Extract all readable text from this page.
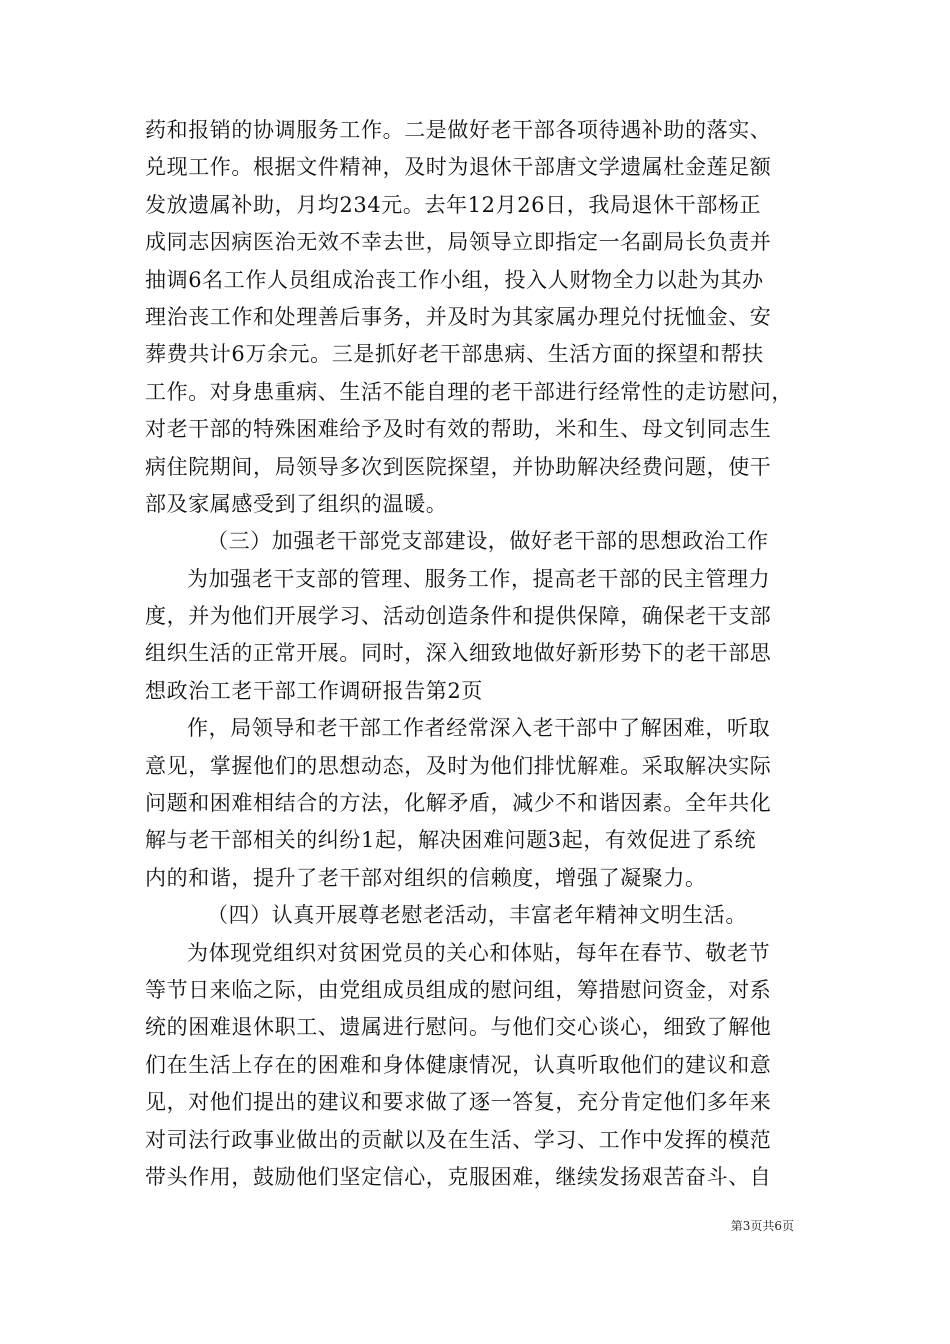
药和报销的协调服务工作。二是做好老干部各项待遇补助的落实、
兑现工作。根据文件精神，及时为退休干部唐文学遗属杜金莲足额
发放遗属补助，月均234元。去年12月26日，我局退休干部杨正
成同志因病医治无效不幸去世，局领导立即指定一名副局长负责并
抽调6名工作人员组成治丧工作小组，投入人财物全力以赴为其办
理治丧工作和处理善后事务，并及时为其家属办理兑付抚恤金、安
葬费共计6万余元。三是抓好老干部患病、生活方面的探望和帮扶
工作。对身患重病、生活不能自理的老干部进行经常性的走访慰问，
对老干部的特殊困难给予及时有效的帮助，米和生、母文钊同志生
病住院期间，局领导多次到医院探望，并协助解决经费问题，使干
部及家属感受到了组织的温暖。
（三）加强老干部党支部建设，做好老干部的思想政治工作
为加强老干支部的管理、服务工作，提高老干部的民主管理力
度，并为他们开展学习、活动创造条件和提供保障，确保老干支部
组织生活的正常开展。同时，深入细致地做好新形势下的老干部思
想政治工老干部工作调研报告第2页
作，局领导和老干部工作者经常深入老干部中了解困难，听取
意见，掌握他们的思想动态，及时为他们排忧解难。采取解决实际
问题和困难相结合的方法，化解矛盾，减少不和谐因素。全年共化
解与老干部相关的纠纷1起，解决困难问题3起，有效促进了系统
内的和谐，提升了老干部对组织的信赖度，增强了凝聚力。
（四）认真开展尊老慰老活动，丰富老年精神文明生活。
为体现党组织对贫困党员的关心和体贴，每年在春节、敬老节
等节日来临之际，由党组成员组成的慰问组，筹措慰问资金，对系
统的困难退休职工、遗属进行慰问。与他们交心谈心，细致了解他
们在生活上存在的困难和身体健康情况，认真听取他们的建议和意
见，对他们提出的建议和要求做了逐一答复，充分肯定他们多年来
对司法行政事业做出的贡献以及在生活、学习、工作中发挥的模范
带头作用，鼓励他们坚定信心，克服困难，继续发扬艰苦奋斗、自
第3页共6页
